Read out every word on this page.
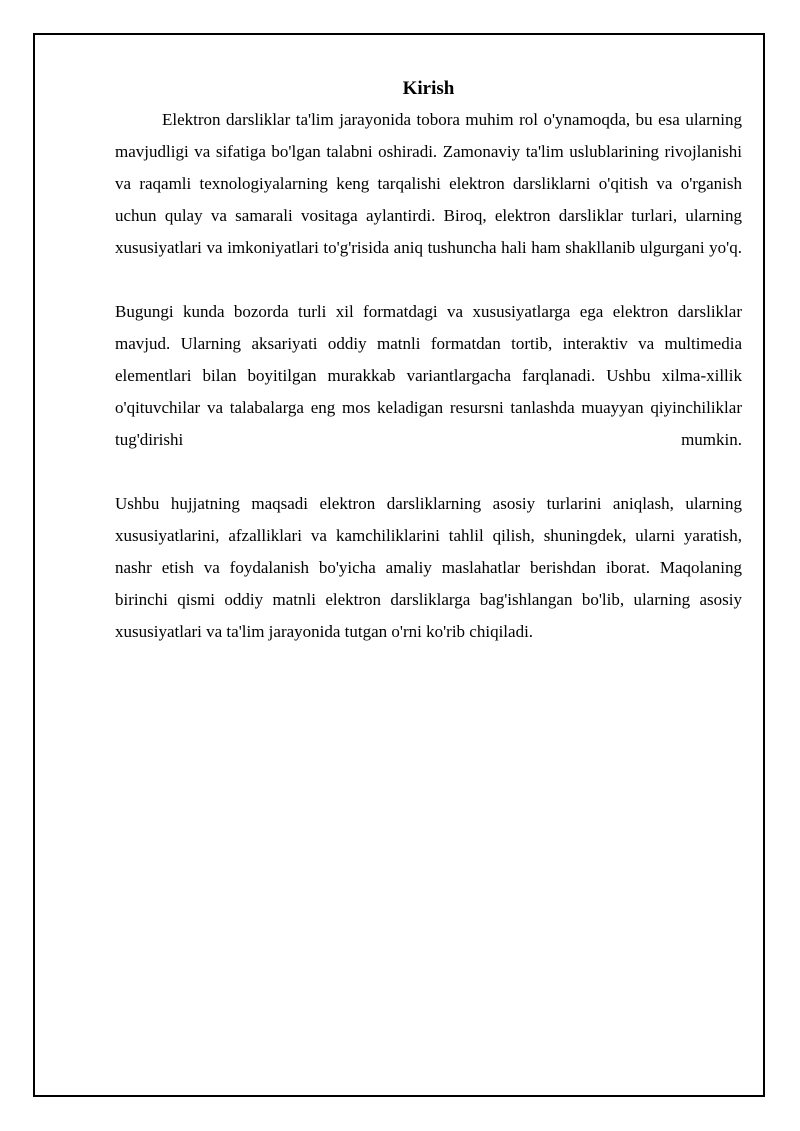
Kirish

Elektron darsliklar ta'lim jarayonida tobora muhim rol o'ynamoqda, bu esa ularning mavjudligi va sifatiga bo'lgan talabni oshiradi. Zamonaviy ta'lim uslublarining rivojlanishi va raqamli texnologiyalarning keng tarqalishi elektron darsliklarni o'qitish va o'rganish uchun qulay va samarali vositaga aylantirdi. Biroq, elektron darsliklar turlari, ularning xususiyatlari va imkoniyatlari to'g'risida aniq tushuncha hali ham shakllanib ulgurgani yo'q.

Bugungi kunda bozorda turli xil formatdagi va xususiyatlarga ega elektron darsliklar mavjud. Ularning aksariyati oddiy matnli formatdan tortib, interaktiv va multimedia elementlari bilan boyitilgan murakkab variantlargacha farqlanadi. Ushbu xilma-xillik o'qituvchilar va talabalarga eng mos keladigan resursni tanlashda muayyan qiyinchiliklar tug'dirishi mumkin.

Ushbu hujjatning maqsadi elektron darsliklarning asosiy turlarini aniqlash, ularning xususiyatlarini, afzalliklari va kamchiliklarini tahlil qilish, shuningdek, ularni yaratish, nashr etish va foydalanish bo'yicha amaliy maslahatlar berishdan iborat. Maqolaning birinchi qismi oddiy matnli elektron darsliklarga bag'ishlangan bo'lib, ularning asosiy xususiyatlari va ta'lim jarayonida tutgan o'rni ko'rib chiqiladi.
